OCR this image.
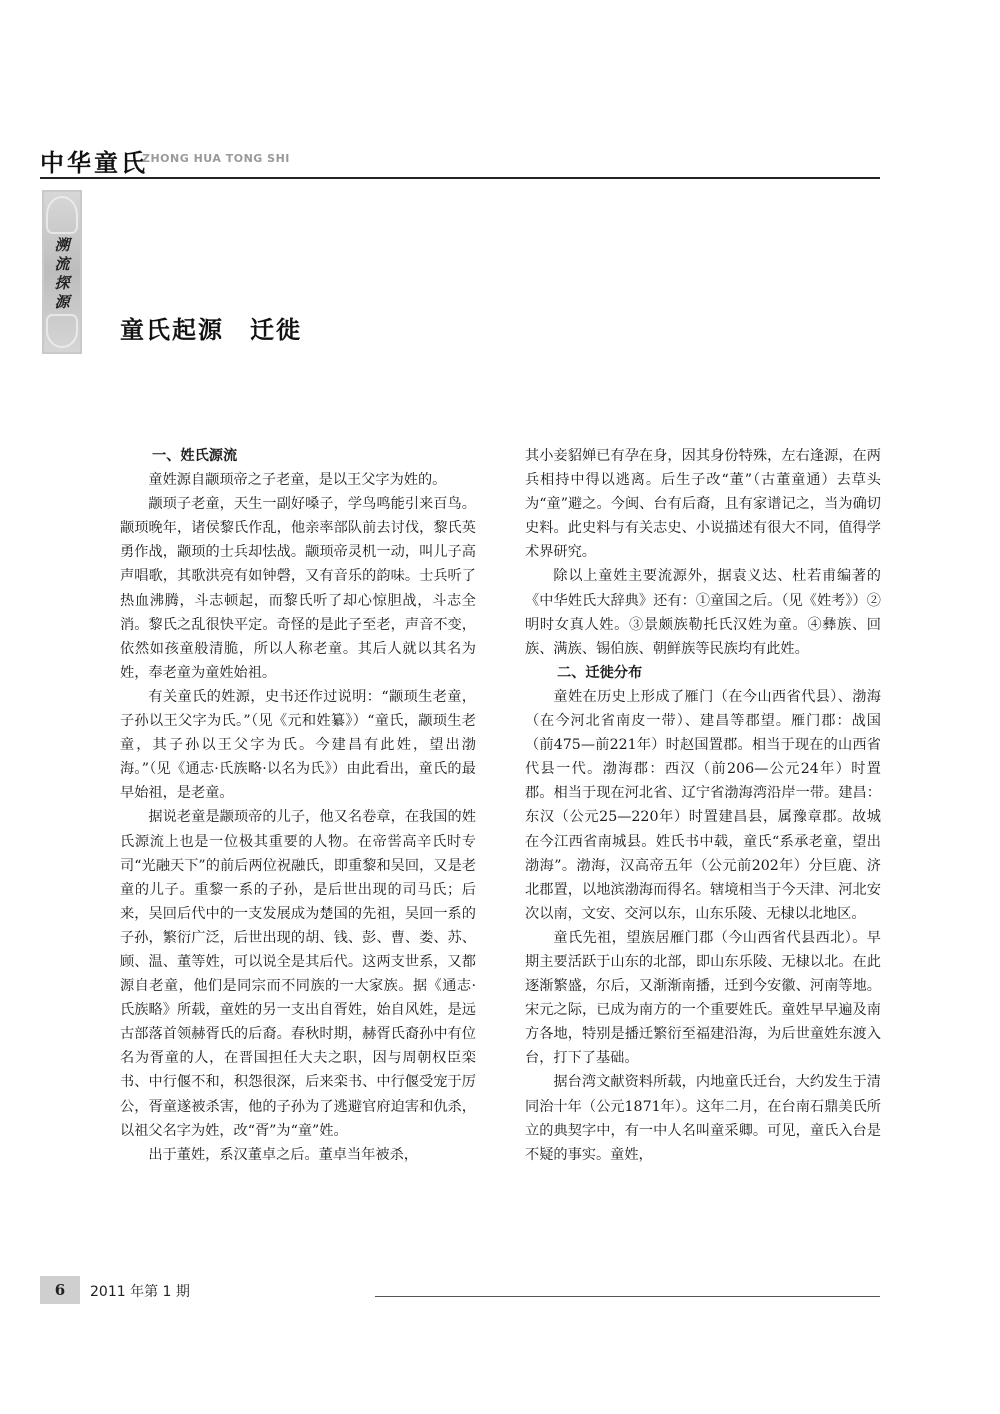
中华童氏
ZHONG HUA TONG SHI
溯
流
探
源
童氏起源　迁徙
一、姓氏源流

童姓源自颛顼帝之子老童，是以王父字为姓的。

颛顼子老童，天生一副好嗓子，学鸟鸣能引来百鸟。颛顼晚年，诸侯黎氏作乱，他亲率部队前去讨伐，黎氏英勇作战，颛顼的士兵却怯战。颛顼帝灵机一动，叫儿子高声唱歌，其歌洪亮有如钟磬，又有音乐的韵味。士兵听了热血沸腾，斗志顿起，而黎氏听了却心惊胆战，斗志全消。黎氏之乱很快平定。奇怪的是此子至老，声音不变，依然如孩童般清脆，所以人称老童。其后人就以其名为姓，奉老童为童姓始祖。

有关童氏的姓源，史书还作过说明：“颛顼生老童，子孙以王父字为氏。”（见《元和姓纂》）“童氏，颛顼生老童，其子孙以王父字为氏。今建昌有此姓，望出渤海。”（见《通志·氏族略·以名为氏》）由此看出，童氏的最早始祖，是老童。

据说老童是颛顼帝的儿子，他又名卷章，在我国的姓氏源流上也是一位极其重要的人物。在帝喾高辛氏时专司“光融天下”的前后两位祝融氏，即重黎和吴回，又是老童的儿子。重黎一系的子孙，是后世出现的司马氏；后来，吴回后代中的一支发展成为楚国的先祖，吴回一系的子孙，繁衍广泛，后世出现的胡、钱、彭、曹、娄、苏、顾、温、董等姓，可以说全是其后代。这两支世系，又都源自老童，他们是同宗而不同族的一大家族。据《通志·氏族略》所载，童姓的另一支出自胥姓，始自风姓，是远古部落首领赫胥氏的后裔。春秋时期，赫胥氏裔孙中有位名为胥童的人，在晋国担任大夫之职，因与周朝权臣栾书、中行偃不和，积怨很深，后来栾书、中行偃受宠于厉公，胥童遂被杀害，他的子孙为了逃避官府迫害和仇杀，以祖父名字为姓，改“胥”为“童”姓。

出于董姓，系汉董卓之后。董卓当年被杀，

其小妾貂婵已有孕在身，因其身份特殊，左右逢源，在两兵相持中得以逃离。后生子改“董”（古董童通）去草头为“童”避之。今闽、台有后裔，且有家谱记之，当为确切史料。此史料与有关志史、小说描述有很大不同，值得学术界研究。

除以上童姓主要流源外，据袁义达、杜若甫编著的《中华姓氏大辞典》还有：①童国之后。（见《姓考》）②明时女真人姓。③景颇族勒托氏汉姓为童。④彝族、回族、满族、锡伯族、朝鲜族等民族均有此姓。

二、迁徙分布

童姓在历史上形成了雁门（在今山西省代县）、渤海（在今河北省南皮一带）、建昌等郡望。雁门郡：战国（前475—前221年）时赵国置郡。相当于现在的山西省代县一代。渤海郡：西汉（前206—公元24年）时置郡。相当于现在河北省、辽宁省渤海湾沿岸一带。建昌：东汉（公元25—220年）时置建昌县，属豫章郡。故城在今江西省南城县。姓氏书中载，童氏“系承老童，望出渤海”。渤海，汉高帝五年（公元前202年）分巨鹿、济北郡置，以地滨渤海而得名。辖境相当于今天津、河北安次以南，文安、交河以东，山东乐陵、无棣以北地区。

童氏先祖，望族居雁门郡（今山西省代县西北）。早期主要活跃于山东的北部，即山东乐陵、无棣以北。在此逐渐繁盛，尔后，又渐渐南播，迁到今安徽、河南等地。宋元之际，已成为南方的一个重要姓氏。童姓早早遍及南方各地，特别是播迁繁衍至福建沿海，为后世童姓东渡入台，打下了基础。

据台湾文献资料所载，内地童氏迁台，大约发生于清同治十年（公元1871年）。这年二月，在台南石鼎美氏所立的典契字中，有一中人名叫童采卿。可见，童氏入台是不疑的事实。童姓，

6	2011 年第 1 期
